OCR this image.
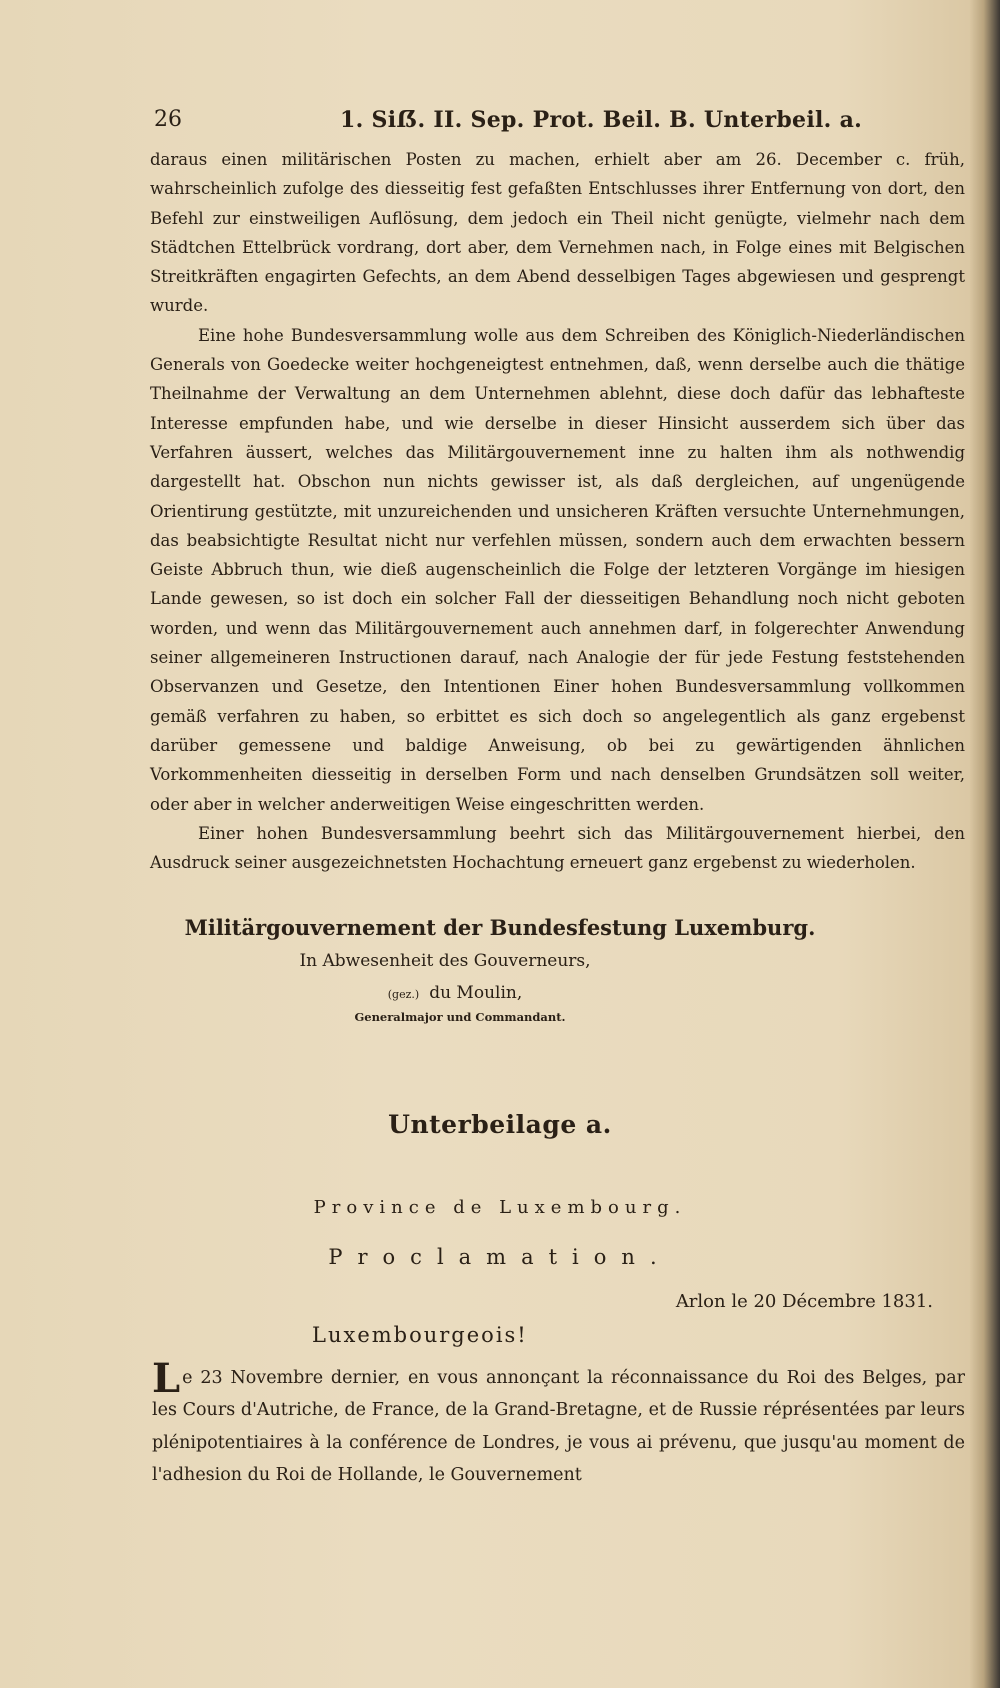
26	1. Siẞ. II. Sep. Prot. Beil. B. Unterbeil. a.

daraus einen militärischen Posten zu machen, erhielt aber am 26. December c. früh, wahrscheinlich zufolge des diesseitig fest gefaßten Entschlusses ihrer Entfernung von dort, den Befehl zur einstweiligen Auflösung, dem jedoch ein Theil nicht genügte, vielmehr nach dem Städtchen Ettelbrück vordrang, dort aber, dem Vernehmen nach, in Folge eines mit Belgischen Streitkräften engagirten Gefechts, an dem Abend desselbigen Tages abgewiesen und gesprengt wurde.

Eine hohe Bundesversammlung wolle aus dem Schreiben des Königlich-Niederländischen Generals von Goedecke weiter hochgeneigtest entnehmen, daß, wenn derselbe auch die thätige Theilnahme der Verwaltung an dem Unternehmen ablehnt, diese doch dafür das lebhafteste Interesse empfunden habe, und wie derselbe in dieser Hinsicht ausserdem sich über das Verfahren äussert, welches das Militärgouvernement inne zu halten ihm als nothwendig dargestellt hat. Obschon nun nichts gewisser ist, als daß dergleichen, auf ungenügende Orientirung gestützte, mit unzureichenden und unsicheren Kräften versuchte Unternehmungen, das beabsichtigte Resultat nicht nur verfehlen müssen, sondern auch dem erwachten bessern Geiste Abbruch thun, wie dieß augenscheinlich die Folge der letzteren Vorgänge im hiesigen Lande gewesen, so ist doch ein solcher Fall der diesseitigen Behandlung noch nicht geboten worden, und wenn das Militärgouvernement auch annehmen darf, in folgerechter Anwendung seiner allgemeineren Instructionen darauf, nach Analogie der für jede Festung feststehenden Observanzen und Gesetze, den Intentionen Einer hohen Bundesversammlung vollkommen gemäß verfahren zu haben, so erbittet es sich doch so angelegentlich als ganz ergebenst darüber gemessene und baldige Anweisung, ob bei zu gewärtigenden ähnlichen Vorkommenheiten diesseitig in derselben Form und nach denselben Grundsätzen soll weiter, oder aber in welcher anderweitigen Weise eingeschritten werden.

Einer hohen Bundesversammlung beehrt sich das Militärgouvernement hierbei, den Ausdruck seiner ausgezeichnetsten Hochachtung erneuert ganz ergebenst zu wiederholen.

Militärgouvernement der Bundesfestung Luxemburg.
In Abwesenheit des Gouverneurs,
(gez.) du Moulin,
Generalmajor und Commandant.
Unterbeilage a.
Province de Luxembourg.
Proclamation.
Arlon le 20 Décembre 1831.
Luxembourgeois!

Le 23 Novembre dernier, en vous annonçant la réconnaissance du Roi des Belges, par les Cours d'Autriche, de France, de la Grand-Bretagne, et de Russie réprésentées par leurs plénipotentiaires à la conférence de Londres, je vous ai prévenu, que jusqu'au moment de l'adhesion du Roi de Hollande, le Gouvernement
